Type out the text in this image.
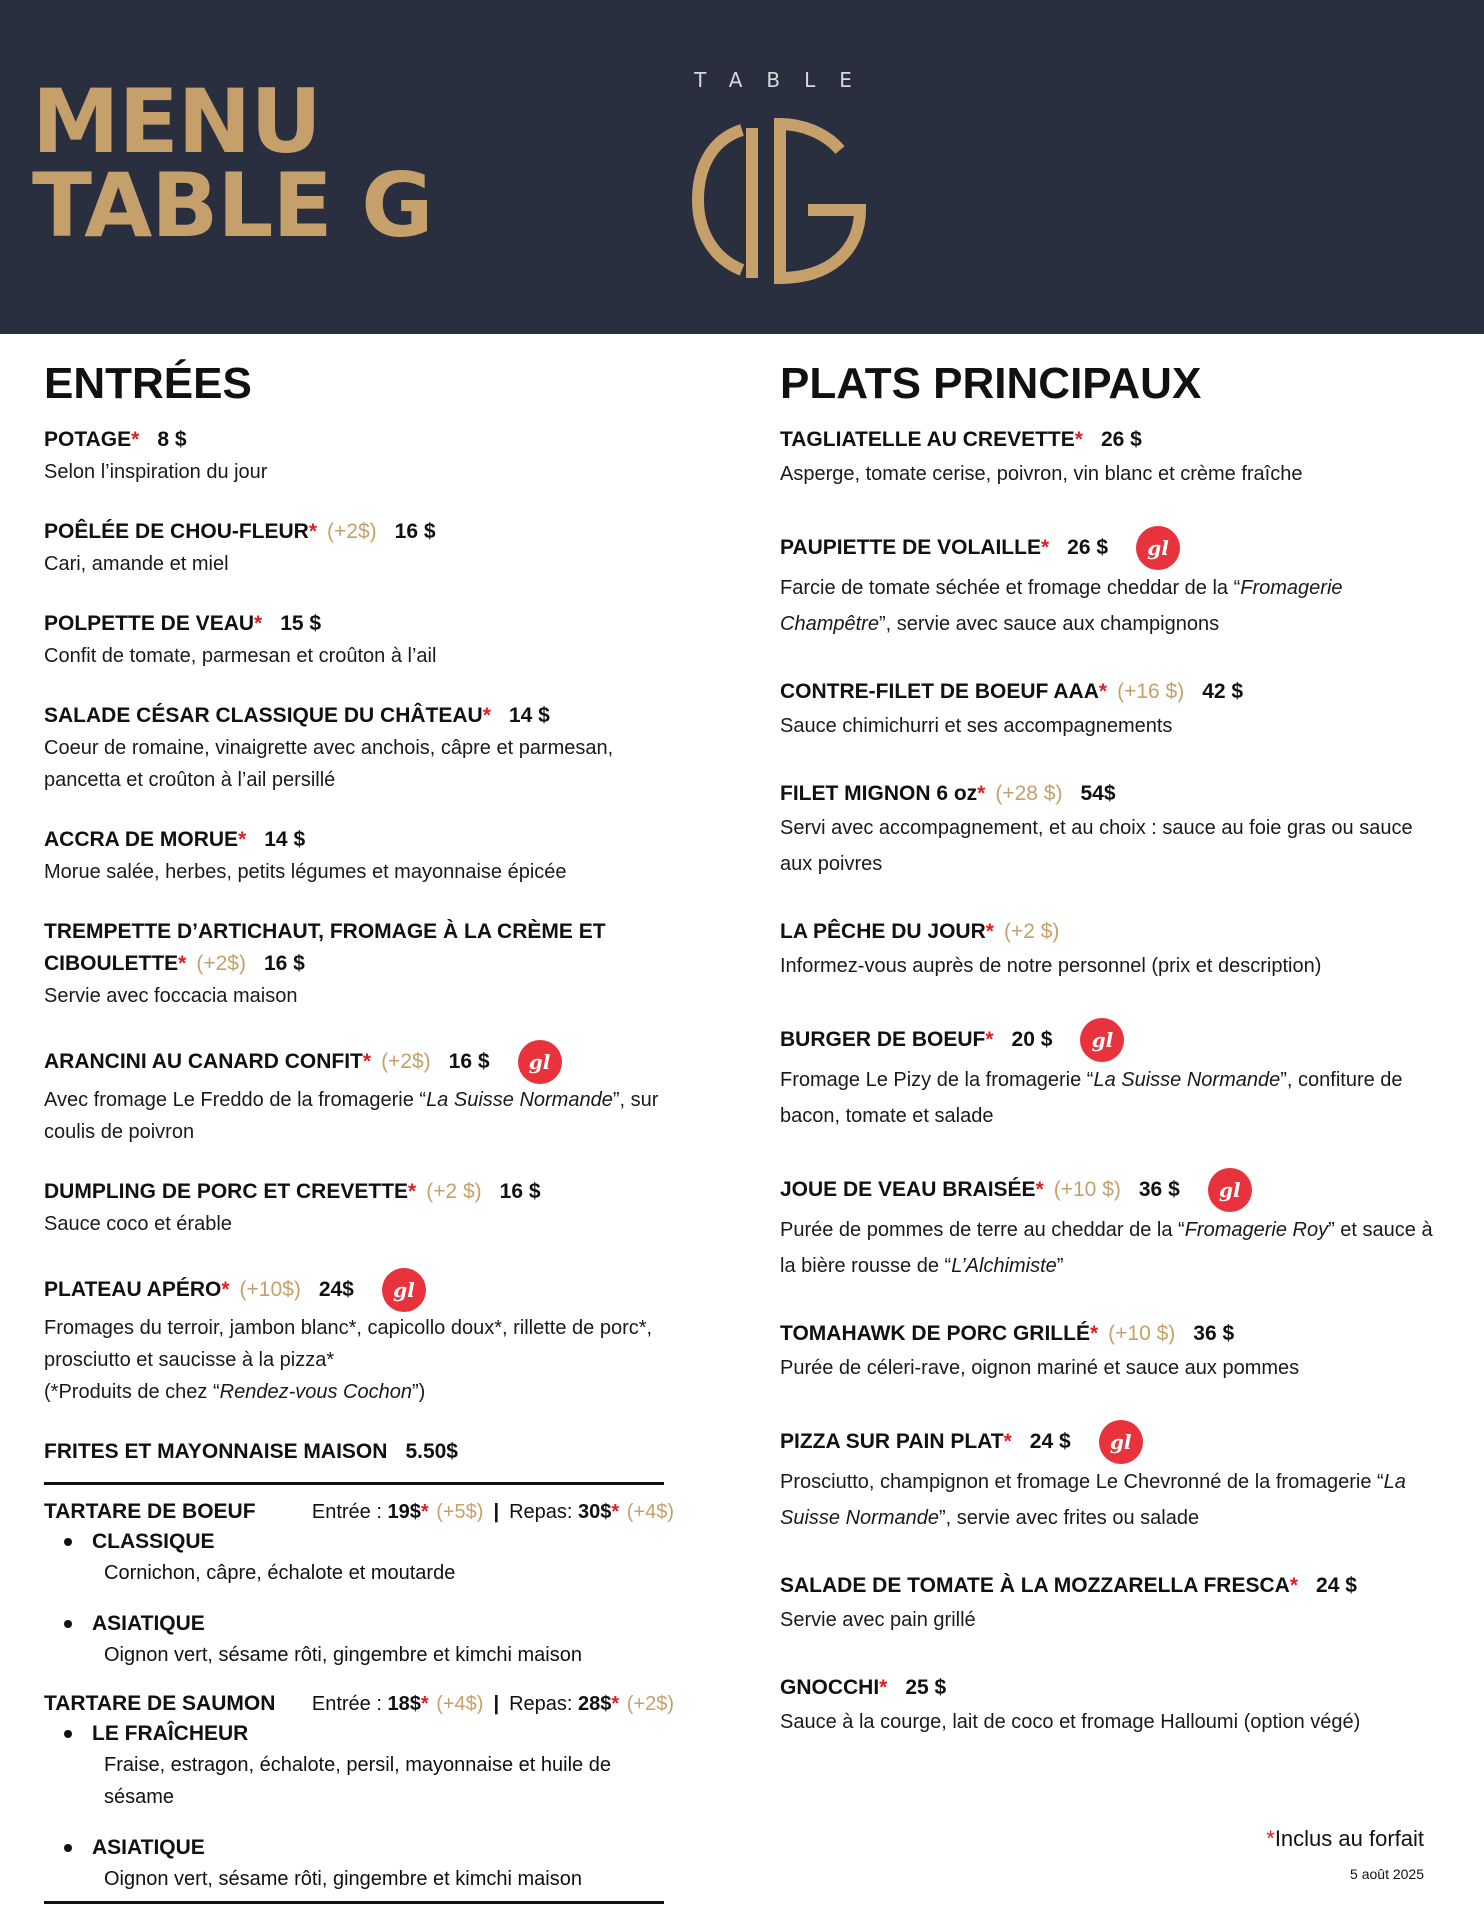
MENU
TABLE G
TABLE
ENTRÉES
POTAGE * 8 $
Selon l’inspiration du jour
POÊLÉE DE CHOU-FLEUR * (+2$) 16 $
Cari, amande et miel
POLPETTE DE VEAU * 15 $
Confit de tomate, parmesan et croûton à l’ail
SALADE CÉSAR CLASSIQUE DU CHÂTEAU * 14 $
Coeur de romaine, vinaigrette avec anchois, câpre et parmesan, pancetta et croûton à l’ail persillé
ACCRA DE MORUE * 14 $
Morue salée, herbes, petits légumes et mayonnaise épicée
TREMPETTE D’ARTICHAUT, FROMAGE À LA CRÈME ET
CIBOULETTE * (+2$) 16 $
Servie avec foccacia maison
ARANCINI AU CANARD CONFIT * (+2$) 16 $	gl
Avec fromage Le Freddo de la fromagerie “La Suisse Normande”, sur coulis de poivron
DUMPLING DE PORC ET CREVETTE * (+2 $) 16 $
Sauce coco et érable
PLATEAU APÉRO * (+10$) 24$	gl
Fromages du terroir, jambon blanc*, capicollo doux*, rillette de porc*, prosciutto et saucisse à la pizza*
(*Produits de chez “Rendez-vous Cochon”)
FRITES ET MAYONNAISE MAISON 5.50$
TARTARE DE BOEUF	Entrée : 19$* (+5$) | Repas: 30$* (+4$)
CLASSIQUE
Cornichon, câpre, échalote et moutarde
ASIATIQUE
Oignon vert, sésame rôti, gingembre et kimchi maison
TARTARE DE SAUMON Entrée : 18$* (+4$) | Repas: 28$* (+2$)
LE FRAÎCHEUR
Fraise, estragon, échalote, persil, mayonnaise et huile de sésame
ASIATIQUE
Oignon vert, sésame rôti, gingembre et kimchi maison
PLATS PRINCIPAUX
TAGLIATELLE AU CREVETTE * 26 $
Asperge, tomate cerise, poivron, vin blanc et crème fraîche
PAUPIETTE DE VOLAILLE * 26 $	gl
Farcie de tomate séchée et fromage cheddar de la “Fromagerie Champêtre”, servie avec sauce aux champignons
CONTRE-FILET DE BOEUF AAA * (+16 $) 42 $
Sauce chimichurri et ses accompagnements
FILET MIGNON 6 oz * (+28 $) 54$
Servi avec accompagnement, et au choix : sauce au foie gras ou sauce aux poivres
LA PÊCHE DU JOUR * (+2 $)
Informez-vous auprès de notre personnel (prix et description)
BURGER DE BOEUF * 20 $	gl
Fromage Le Pizy de la fromagerie “La Suisse Normande”, confiture de bacon, tomate et salade
JOUE DE VEAU BRAISÉE * (+10 $) 36 $	gl
Purée de pommes de terre au cheddar de la “Fromagerie Roy” et sauce à la bière rousse de “L’Alchimiste”
TOMAHAWK DE PORC GRILLÉ * (+10 $) 36 $
Purée de céleri-rave, oignon mariné et sauce aux pommes
PIZZA SUR PAIN PLAT * 24 $	gl
Prosciutto, champignon et fromage Le Chevronné de la fromagerie “La Suisse Normande”, servie avec frites ou salade
SALADE DE TOMATE À LA MOZZARELLA FRESCA * 24 $
Servie avec pain grillé
GNOCCHI * 25 $
Sauce à la courge, lait de coco et fromage Halloumi (option végé)
*Inclus au forfait
5 août 2025
